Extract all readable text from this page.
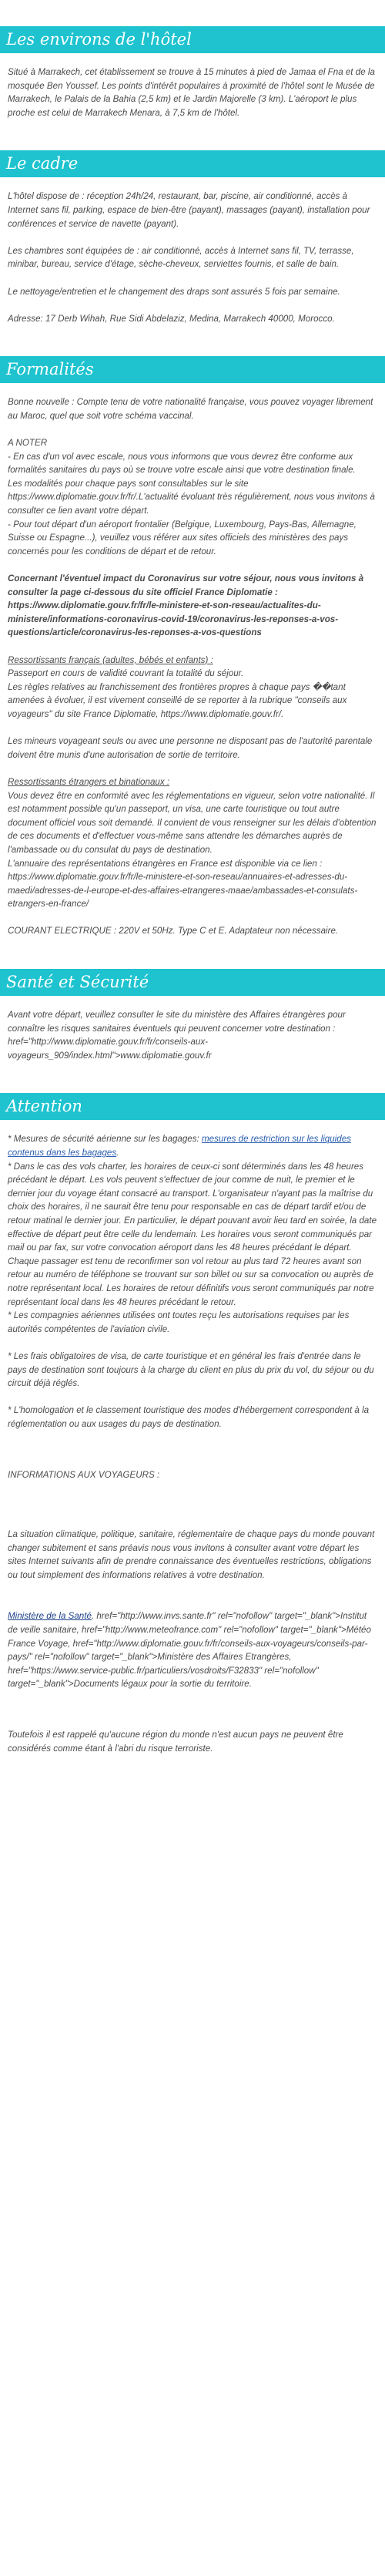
Les environs de l'hôtel

Situé à Marrakech, cet établissement se trouve à 15 minutes à pied de Jamaa el Fna et de la mosquée Ben Youssef. Les points d'intérêt populaires à proximité de l'hôtel sont le Musée de Marrakech, le Palais de la Bahia (2,5 km) et le Jardin Majorelle (3 km). L'aéroport le plus proche est celui de Marrakech Menara, à 7,5 km de l'hôtel.

Le cadre

L'hôtel dispose de : réception 24h/24, restaurant, bar, piscine, air conditionné, accès à Internet sans fil, parking, espace de bien-être (payant), massages (payant), installation pour conférences et service de navette (payant).

Les chambres sont équipées de : air conditionné, accès à Internet sans fil, TV, terrasse, minibar, bureau, service d'étage, sèche-cheveux, serviettes fournis, et salle de bain.

Le nettoyage/entretien et le changement des draps sont assurés 5 fois par semaine.

Adresse: 17 Derb Wihah, Rue Sidi Abdelaziz, Medina, Marrakech 40000, Morocco.

Formalités

Bonne nouvelle : Compte tenu de votre nationalité française, vous pouvez voyager librement au Maroc, quel que soit votre schéma vaccinal.

A NOTER

- En cas d'un vol avec escale, nous vous informons que vous devrez être conforme aux formalités sanitaires du pays où se trouve votre escale ainsi que votre destination finale.

Les modalités pour chaque pays sont consultables sur le site https://www.diplomatie.gouv.fr/fr/.L'actualité évoluant très régulièrement, nous vous invitons à consulter ce lien avant votre départ.

- Pour tout départ d'un aéroport frontalier (Belgique, Luxembourg, Pays-Bas, Allemagne, Suisse ou Espagne...), veuillez vous référer aux sites officiels des ministères des pays concernés pour les conditions de départ et de retour.

Concernant l'éventuel impact du Coronavirus sur votre séjour, nous vous invitons à consulter la page ci-dessous du site officiel France Diplomatie : https://www.diplomatie.gouv.fr/fr/le-ministere-et-son-reseau/actualites-du-ministere/informations-coronavirus-covid-19/coronavirus-les-reponses-a-vos-questions/article/coronavirus-les-reponses-a-vos-questions

Ressortissants français (adultes, bébés et enfants) :

Passeport en cours de validité couvrant la totalité du séjour.

Les règles relatives au franchissement des frontières propres à chaque pays ��tant amenées à évoluer, il est vivement conseillé de se reporter à la rubrique "conseils aux voyageurs" du site France Diplomatie, https://www.diplomatie.gouv.fr/.

Les mineurs voyageant seuls ou avec une personne ne disposant pas de l'autorité parentale doivent être munis d'une autorisation de sortie de territoire.

Ressortissants étrangers et binationaux :

Vous devez être en conformité avec les réglementations en vigueur, selon votre nationalité. Il est notamment possible qu'un passeport, un visa, une carte touristique ou tout autre document officiel vous soit demandé. Il convient de vous renseigner sur les délais d'obtention de ces documents et d'effectuer vous-même sans attendre les démarches auprès de l'ambassade ou du consulat du pays de destination.

L'annuaire des représentations étrangères en France est disponible via ce lien : https://www.diplomatie.gouv.fr/fr/le-ministere-et-son-reseau/annuaires-et-adresses-du-maedi/adresses-de-l-europe-et-des-affaires-etrangeres-maae/ambassades-et-consulats-etrangers-en-france/

COURANT ELECTRIQUE : 220V et 50Hz. Type C et E. Adaptateur non nécessaire.

Santé et Sécurité

Avant votre départ, veuillez consulter le site du ministère des Affaires étrangères pour connaître les risques sanitaires éventuels qui peuvent concerner votre destination : href="http://www.diplomatie.gouv.fr/fr/conseils-aux-voyageurs_909/index.html">www.diplomatie.gouv.fr

Attention

* Mesures de sécurité aérienne sur les bagages: mesures de restriction sur les liquides contenus dans les bagages.

* Dans le cas des vols charter, les horaires de ceux-ci sont déterminés dans les 48 heures précédant le départ. Les vols peuvent s'effectuer de jour comme de nuit, le premier et le dernier jour du voyage étant consacré au transport. L'organisateur n'ayant pas la maîtrise du choix des horaires, il ne saurait être tenu pour responsable en cas de départ tardif et/ou de retour matinal le dernier jour. En particulier, le départ pouvant avoir lieu tard en soirée, la date effective de départ peut être celle du lendemain. Les horaires vous seront communiqués par mail ou par fax, sur votre convocation aéroport dans les 48 heures précédant le départ. Chaque passager est tenu de reconfirmer son vol retour au plus tard 72 heures avant son retour au numéro de téléphone se trouvant sur son billet ou sur sa convocation ou auprès de notre représentant local. Les horaires de retour définitifs vous seront communiqués par notre représentant local dans les 48 heures précédant le retour.

* Les compagnies aériennes utilisées ont toutes reçu les autorisations requises par les autorités compétentes de l'aviation civile.

* Les frais obligatoires de visa, de carte touristique et en général les frais d'entrée dans le pays de destination sont toujours à la charge du client en plus du prix du vol, du séjour ou du circuit déjà réglés.

* L'homologation et le classement touristique des modes d'hébergement correspondent à la réglementation ou aux usages du pays de destination.

INFORMATIONS AUX VOYAGEURS :

La situation climatique, politique, sanitaire, réglementaire de chaque pays du monde pouvant changer subitement et sans préavis nous vous invitons à consulter avant votre départ les sites Internet suivants afin de prendre connaissance des éventuelles restrictions, obligations ou tout simplement des informations relatives à votre destination.

Ministère de la Santé. href="http://www.invs.sante.fr" rel="nofollow" target="_blank">Institut de veille sanitaire, href="http://www.meteofrance.com" rel="nofollow" target="_blank">Météo France Voyage, href="http://www.diplomatie.gouv.fr/fr/conseils-aux-voyageurs/conseils-par-pays/" rel="nofollow" target="_blank">Ministère des Affaires Etrangères, href="https://www.service-public.fr/particuliers/vosdroits/F32833" rel="nofollow" target="_blank">Documents légaux pour la sortie du territoire.

Toutefois il est rappelé qu'aucune région du monde n'est aucun pays ne peuvent être considérés comme étant à l'abri du risque terroriste.
